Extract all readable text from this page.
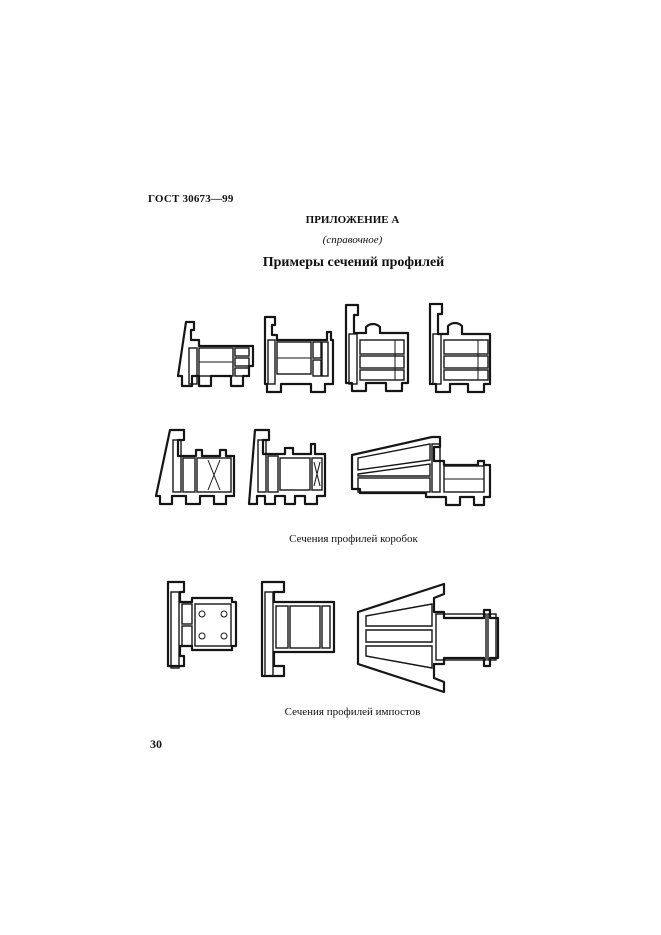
ГОСТ 30673—99
ПРИЛОЖЕНИЕ А
(справочное)
Примеры сечений профилей
Сечения профилей коробок
Сечения профилей импостов
30
